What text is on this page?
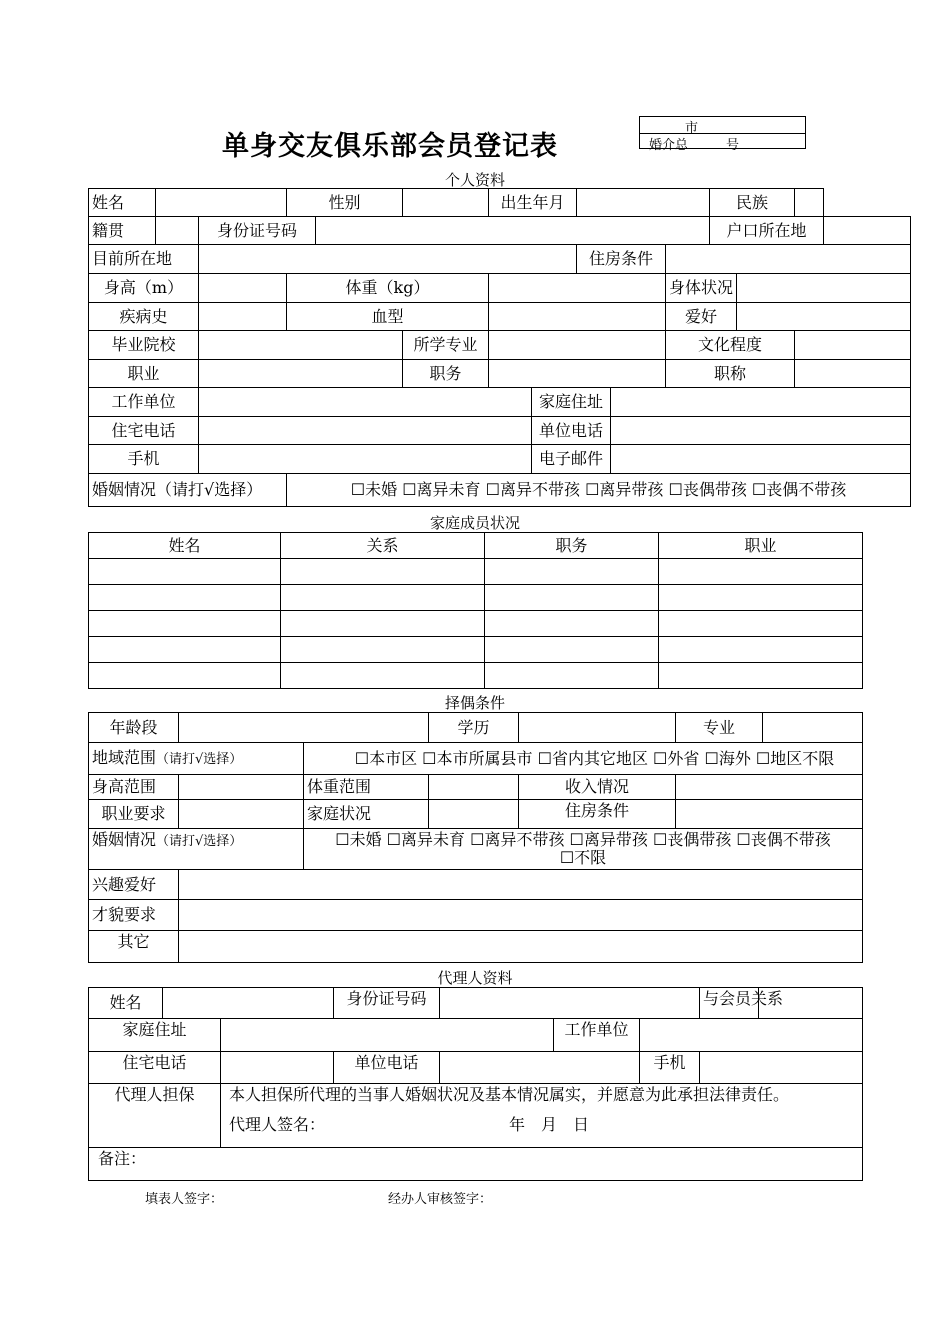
单身交友俱乐部会员登记表
市
婚介总	号
个人资料
姓名			性别			出生年月					民族			
籍贯		身份证号码									户口所在地			
目前所在地								住房条件						
身高（m）			体重（kg）							身体状况				
疾病史			血型							爱好				
毕业院校					所学专业					文化程度				
职业					职务					职称				
工作单位							家庭住址							
住宅电话							单位电话							
手机							电子邮件							
婚姻情况（请打√选择）			☐未婚 ☐离异未育 ☐离异不带孩 ☐离异带孩 ☐丧偶带孩 ☐丧偶不带孩											
家庭成员状况
姓名	关系	职务	职业

择偶条件
年龄段			学历		专业	
地域范围（请打√选择）		☐本市区 ☐本市所属县市 ☐省内其它地区 ☐外省 ☐海外 ☐地区不限				
身高范围		体重范围		收入情况		
职业要求		家庭状况		住房条件		
婚姻情况（请打√选择）		☐未婚 ☐离异未育 ☐离异不带孩 ☐离异带孩 ☐丧偶带孩 ☐丧偶不带孩
☐不限				

兴趣爱好						
才貌要求						
其它						
代理人资料
姓名			身份证号码				与会员关系	
家庭住址					工作单位			
住宅电话			单位电话			手机		
代理人担保		本人担保所代理的当事人婚姻状况及基本情况属实，并愿意为此承担法律责任。
代理人签名： 年　月　日						

备注：								
填表人签字：	经办人审核签字：
